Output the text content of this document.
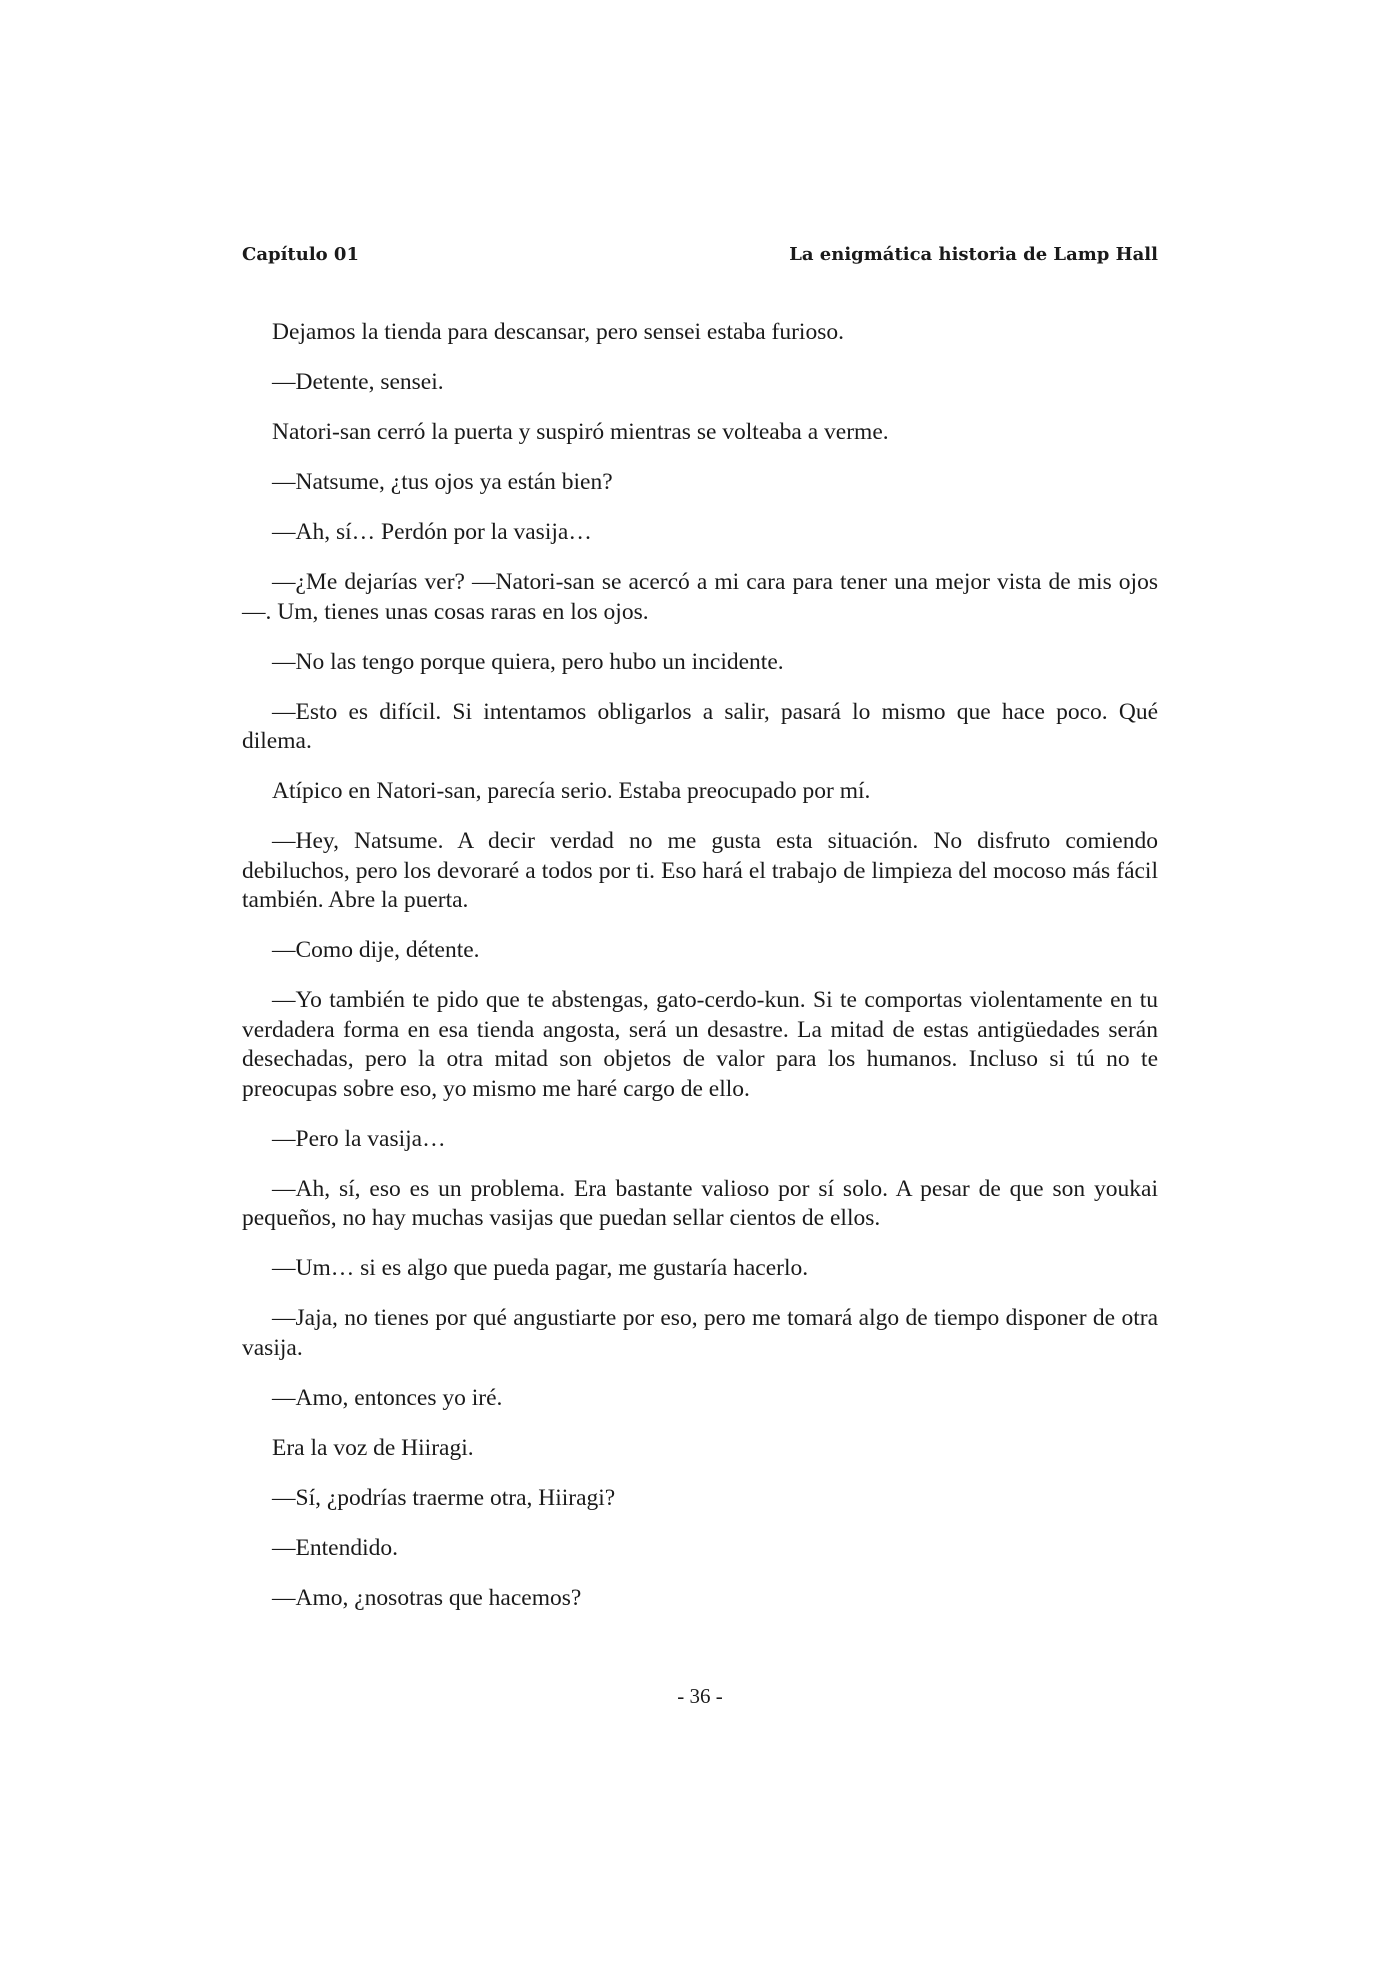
Capítulo 01	La enigmática historia de Lamp Hall

Dejamos la tienda para descansar, pero sensei estaba furioso.

—Detente, sensei.

Natori-san cerró la puerta y suspiró mientras se volteaba a verme.

—Natsume, ¿tus ojos ya están bien?

—Ah, sí… Perdón por la vasija…

—¿Me dejarías ver? —Natori-san se acercó a mi cara para tener una mejor vista de mis ojos—. Um, tienes unas cosas raras en los ojos.

—No las tengo porque quiera, pero hubo un incidente.

—Esto es difícil. Si intentamos obligarlos a salir, pasará lo mismo que hace poco. Qué dilema.

Atípico en Natori-san, parecía serio. Estaba preocupado por mí.

—Hey, Natsume. A decir verdad no me gusta esta situación. No disfruto comiendo debiluchos, pero los devoraré a todos por ti. Eso hará el trabajo de limpieza del mocoso más fácil también. Abre la puerta.

—Como dije, détente.

—Yo también te pido que te abstengas, gato-cerdo-kun. Si te comportas violentamente en tu verdadera forma en esa tienda angosta, será un desastre. La mitad de estas antigüedades serán desechadas, pero la otra mitad son objetos de valor para los humanos. Incluso si tú no te preocupas sobre eso, yo mismo me haré cargo de ello.

—Pero la vasija…

—Ah, sí, eso es un problema. Era bastante valioso por sí solo. A pesar de que son youkai pequeños, no hay muchas vasijas que puedan sellar cientos de ellos.

—Um… si es algo que pueda pagar, me gustaría hacerlo.

—Jaja, no tienes por qué angustiarte por eso, pero me tomará algo de tiempo disponer de otra vasija.

—Amo, entonces yo iré.

Era la voz de Hiiragi.

—Sí, ¿podrías traerme otra, Hiiragi?

—Entendido.

—Amo, ¿nosotras que hacemos?

- 36 -
